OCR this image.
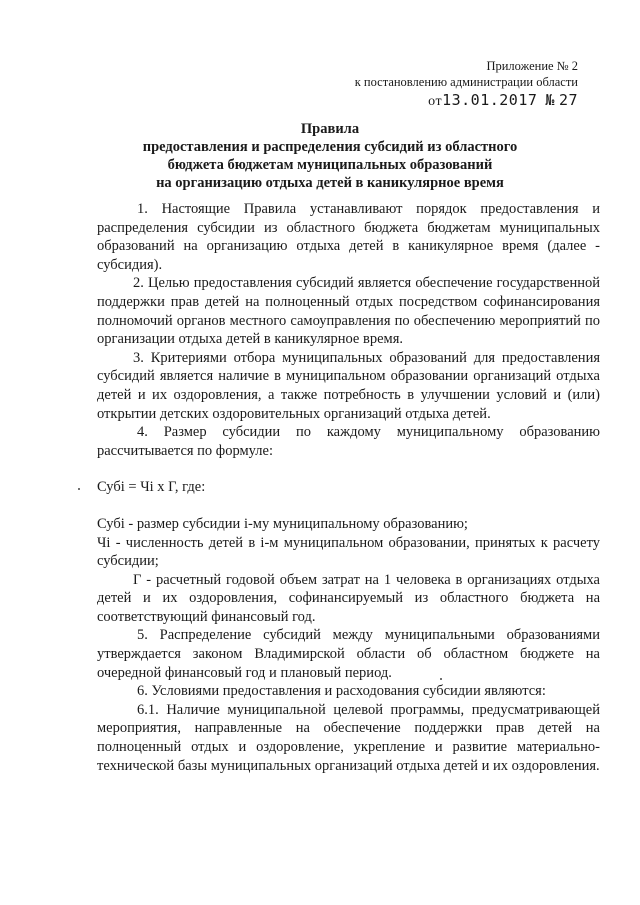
Приложение № 2
к постановлению администрации области
от13.01.2017 № 27
Правила
предоставления и распределения субсидий из областного
бюджета бюджетам муниципальных образований
на организацию отдыха детей в каникулярное время

1. Настоящие Правила устанавливают порядок предоставления и распределения субсидии из областного бюджета бюджетам муниципальных образований на организацию отдыха детей в каникулярное время (далее - субсидия).

2. Целью предоставления субсидий является обеспечение государственной поддержки прав детей на полноценный отдых посредством софинансирования полномочий органов местного самоуправления по обеспечению мероприятий по организации отдыха детей в каникулярное время.

3. Критериями отбора муниципальных образований для предоставления субсидий является наличие в муниципальном образовании организаций отдыха детей и их оздоровления, а также потребность в улучшении условий и (или) открытии детских оздоровительных организаций отдыха детей.

4. Размер субсидии по каждому муниципальному образованию рассчитывается по формуле:

Субі = Чі х Г, где:

Субі - размер субсидии і-му муниципальному образованию;

Чі - численность детей в і-м муниципальном образовании, принятых к расчету субсидии;

Г - расчетный годовой объем затрат на 1 человека в организациях отдыха детей и их оздоровления, софинансируемый из областного бюджета на соответствующий финансовый год.

5. Распределение субсидий между муниципальными образованиями утверждается законом Владимирской области об областном бюджете на очередной финансовый год и плановый период.

6. Условиями предоставления и расходования субсидии являются:

6.1. Наличие муниципальной целевой программы, предусматривающей мероприятия, направленные на обеспечение поддержки прав детей на полноценный отдых и оздоровление, укрепление и развитие материально-технической базы муниципальных организаций отдыха детей и их оздоровления.
